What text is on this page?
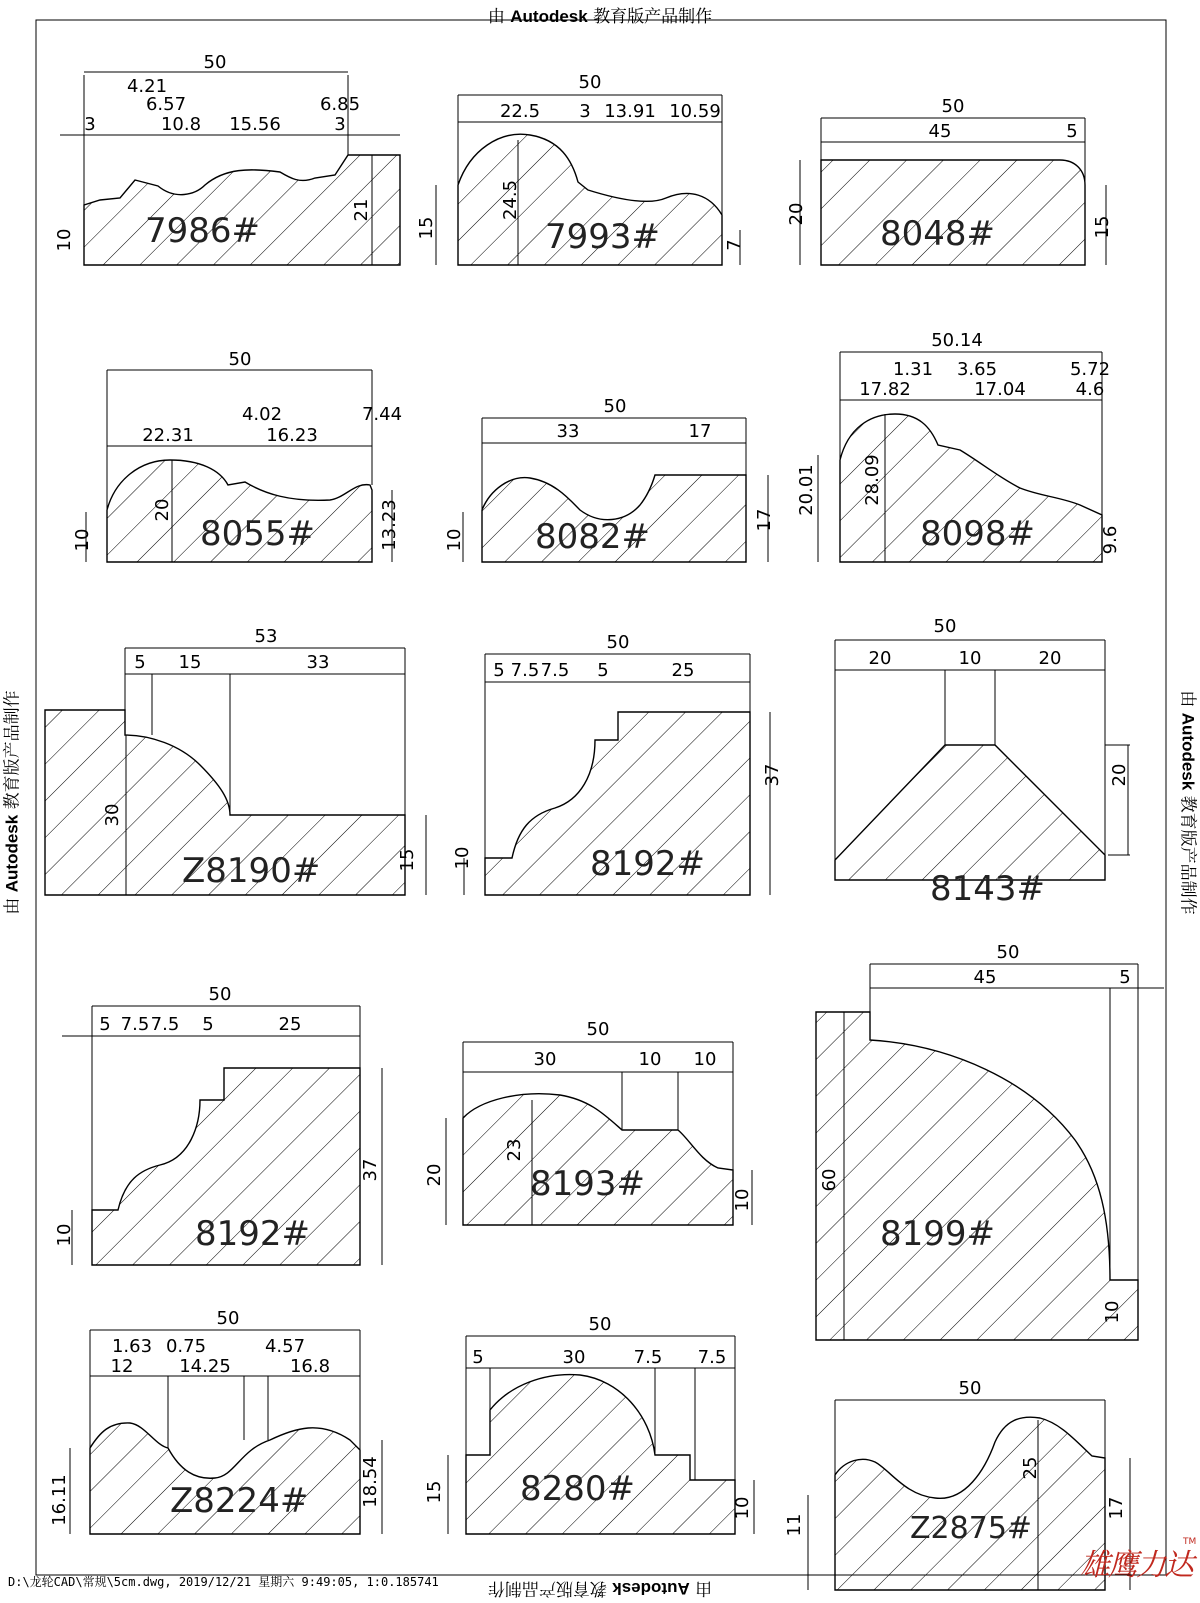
7986#
50
4.21
6.57	6.85
3	10.8 15.56	3
10
21
7993#
50
22.5 3 13.91 10.59
15
24.5
7	8048#
50
45	5
20
15
8055#
50
22.31
4.02
16.23
7.44
10
20	13.23	8082#
50
33	17
10
17	8098#
50.14
1.31 3.65	5.72
17.82	17.04	4.6
20.01	28.09
9.6
Z8190#
53
5 15	33
30
15	8192#
50
5 7.5 7.5 5	25
10
37
8143#
50
20	10	20
20
8192#
50
5 7.5 7.5 5	25
10
37	8193#
50
30	10 10
20
23
10
8199#
50
45	5
60
10
Z8224#
50
1.63 0.75	4.57
12	14.25	16.8
16.11	18.54	8280#
50
5	30	7.5 7.5
15
10
Z2875#
50
11
25
17
由 Autodesk 教育版产品制作
由 Autodesk 教育版产品制作
由 Autodesk 教育版产品制作	由 Autodesk 教育版产品制作
D:\龙轮CAD\常规\5cm.dwg, 2019/12/21 星期六 9:49:05, 1:0.185741	雄鹰力达
TM
